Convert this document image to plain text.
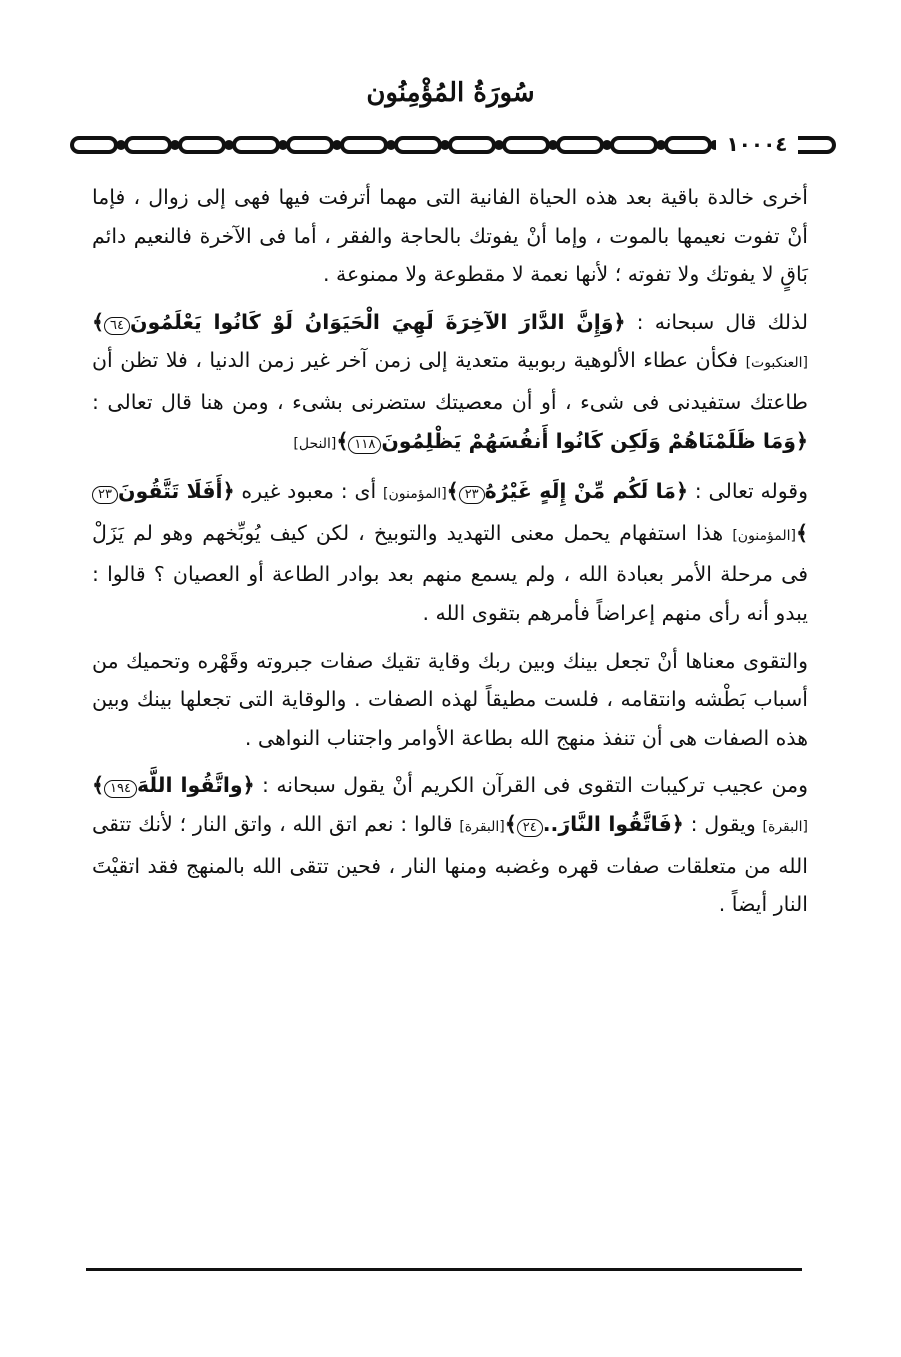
سُورَةُ المُؤْمِنُون
١٠٠٠٤

أخرى خالدة باقية بعد هذه الحياة الفانية التى مهما أترفت فيها فهى إلى زوال ، فإما أنْ تفوت نعيمها بالموت ، وإما أنْ يفوتك بالحاجة والفقر ، أما فى الآخرة فالنعيم دائم بَاقٍ لا يفوتك ولا تفوته ؛ لأنها نعمة لا مقطوعة ولا ممنوعة .

لذلك قال سبحانه : ﴿وَإِنَّ الدَّارَ الآخِرَةَ لَهِيَ الْحَيَوَانُ لَوْ كَانُوا يَعْلَمُونَ٦٤﴾[العنكبوت] فكأن عطاء الألوهية ربوبية متعدية إلى زمن آخر غير زمن الدنيا ، فلا تظن أن طاعتك ستفيدنى فى شىء ، أو أن معصيتك ستضرنى بشىء ، ومن هنا قال تعالى : ﴿وَمَا ظَلَمْنَاهُمْ وَلَكِن كَانُوا أَنفُسَهُمْ يَظْلِمُونَ١١٨﴾[النحل]

وقوله تعالى : ﴿مَا لَكُم مِّنْ إِلَهٍ غَيْرُهُ٢٣﴾[المؤمنون] أى : معبود غيره ﴿أَفَلَا تَتَّقُونَ٢٣﴾[المؤمنون] هذا استفهام يحمل معنى التهديد والتوبيخ ، لكن كيف يُوبِّخهم وهو لم يَزَلْ فى مرحلة الأمر بعبادة الله ، ولم يسمع منهم بعد بوادر الطاعة أو العصيان ؟ قالوا : يبدو أنه رأى منهم إعراضاً فأمرهم بتقوى الله .

والتقوى معناها أنْ تجعل بينك وبين ربك وقاية تقيك صفات جبروته وقَهْره وتحميك من أسباب بَطْشه وانتقامه ، فلست مطيقاً لهذه الصفات . والوقاية التى تجعلها بينك وبين هذه الصفات هى أن تنفذ منهج الله بطاعة الأوامر واجتناب النواهى .

ومن عجيب تركيبات التقوى فى القرآن الكريم أنْ يقول سبحانه : ﴿واتَّقُوا اللَّهَ١٩٤﴾[البقرة] ويقول : ﴿فَاتَّقُوا النَّارَ..٢٤﴾[البقرة] قالوا : نعم اتق الله ، واتق النار ؛ لأنك تتقى الله من متعلقات صفات قهره وغضبه ومنها النار ، فحين تتقى الله بالمنهج فقد اتقيْتَ النار أيضاً .
